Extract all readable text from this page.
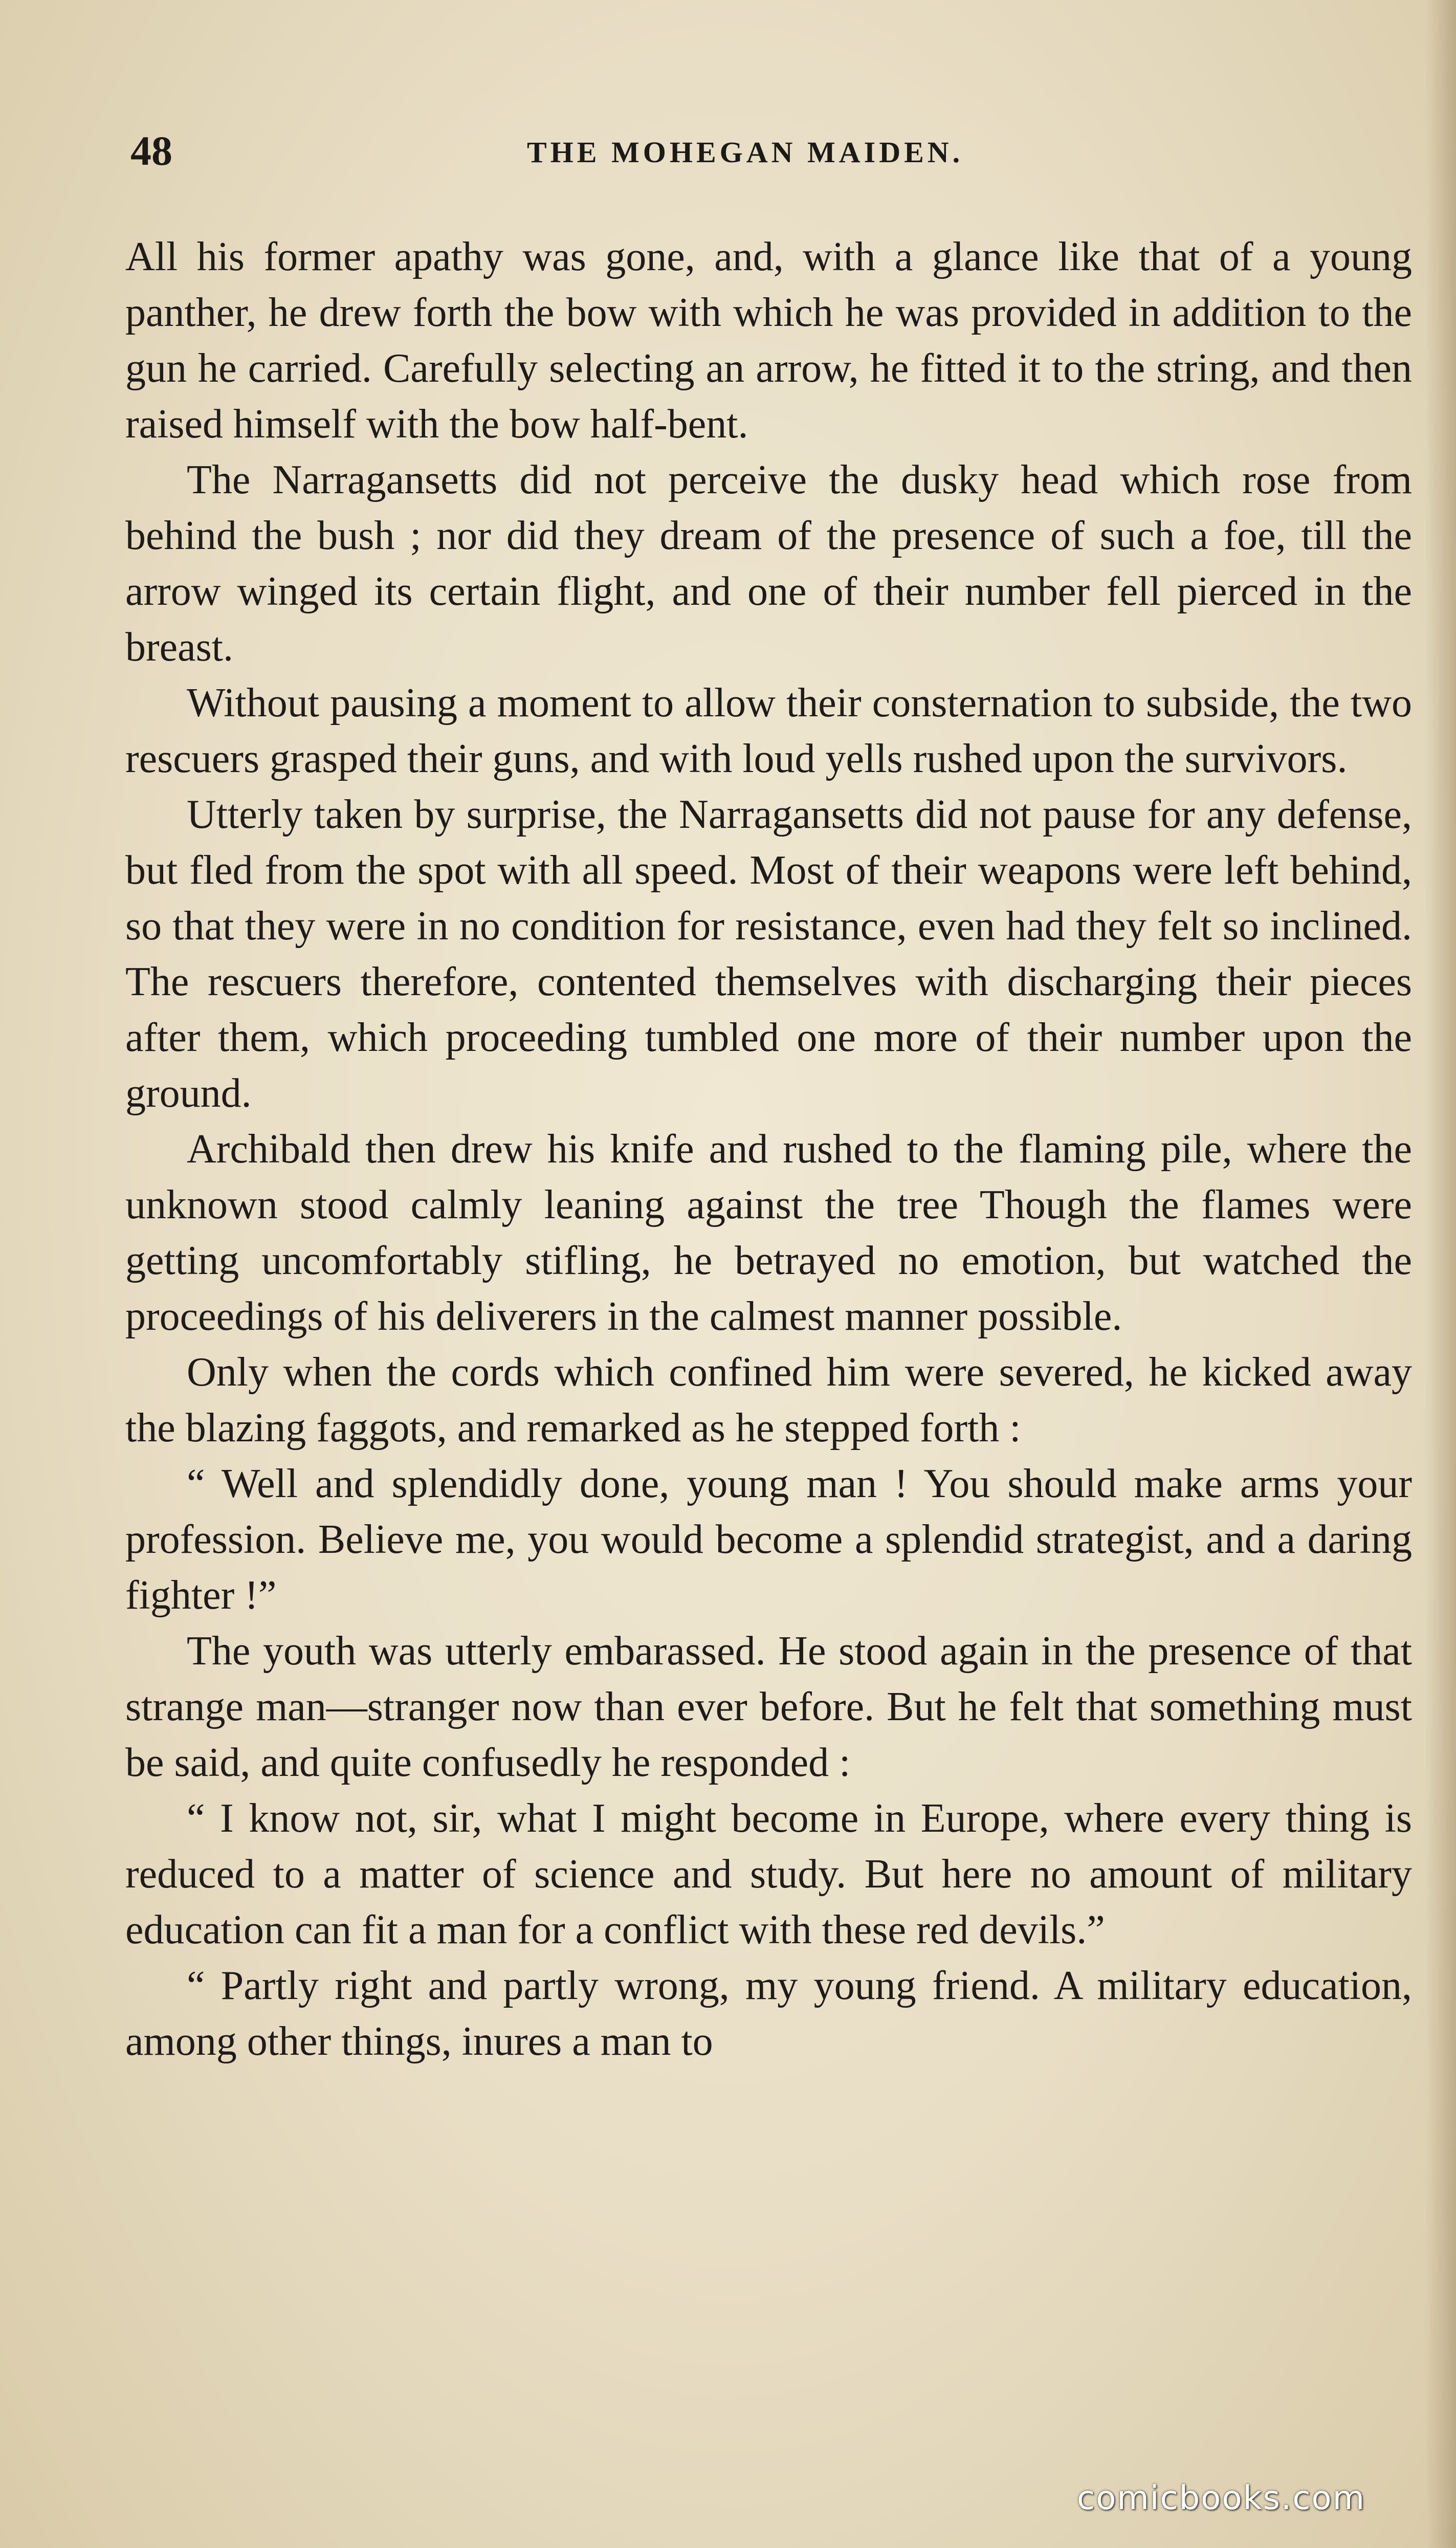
48	THE MOHEGAN MAIDEN.

All his former apathy was gone, and, with a glance like that of a young panther, he drew forth the bow with which he was provided in addition to the gun he carried. Carefully selecting an arrow, he fitted it to the string, and then raised himself with the bow half-bent.

The Narragansetts did not perceive the dusky head which rose from behind the bush ; nor did they dream of the presence of such a foe, till the arrow winged its certain flight, and one of their number fell pierced in the breast.

Without pausing a moment to allow their consternation to subside, the two rescuers grasped their guns, and with loud yells rushed upon the survivors.

Utterly taken by surprise, the Narragansetts did not pause for any defense, but fled from the spot with all speed. Most of their weapons were left behind, so that they were in no condition for resistance, even had they felt so inclined. The rescuers therefore, contented themselves with discharging their pieces after them, which proceeding tumbled one more of their number upon the ground.

Archibald then drew his knife and rushed to the flaming pile, where the unknown stood calmly leaning against the tree Though the flames were getting uncomfortably stifling, he betrayed no emotion, but watched the proceedings of his deliverers in the calmest manner possible.

Only when the cords which confined him were severed, he kicked away the blazing faggots, and remarked as he stepped forth :

“ Well and splendidly done, young man ! You should make arms your profession. Believe me, you would become a splendid strategist, and a daring fighter !”

The youth was utterly embarassed. He stood again in the presence of that strange man—stranger now than ever before. But he felt that something must be said, and quite confusedly he responded :

“ I know not, sir, what I might become in Europe, where every thing is reduced to a matter of science and study. But here no amount of military education can fit a man for a conflict with these red devils.”

“ Partly right and partly wrong, my young friend. A military education, among other things, inures a man to

comicbooks.com
